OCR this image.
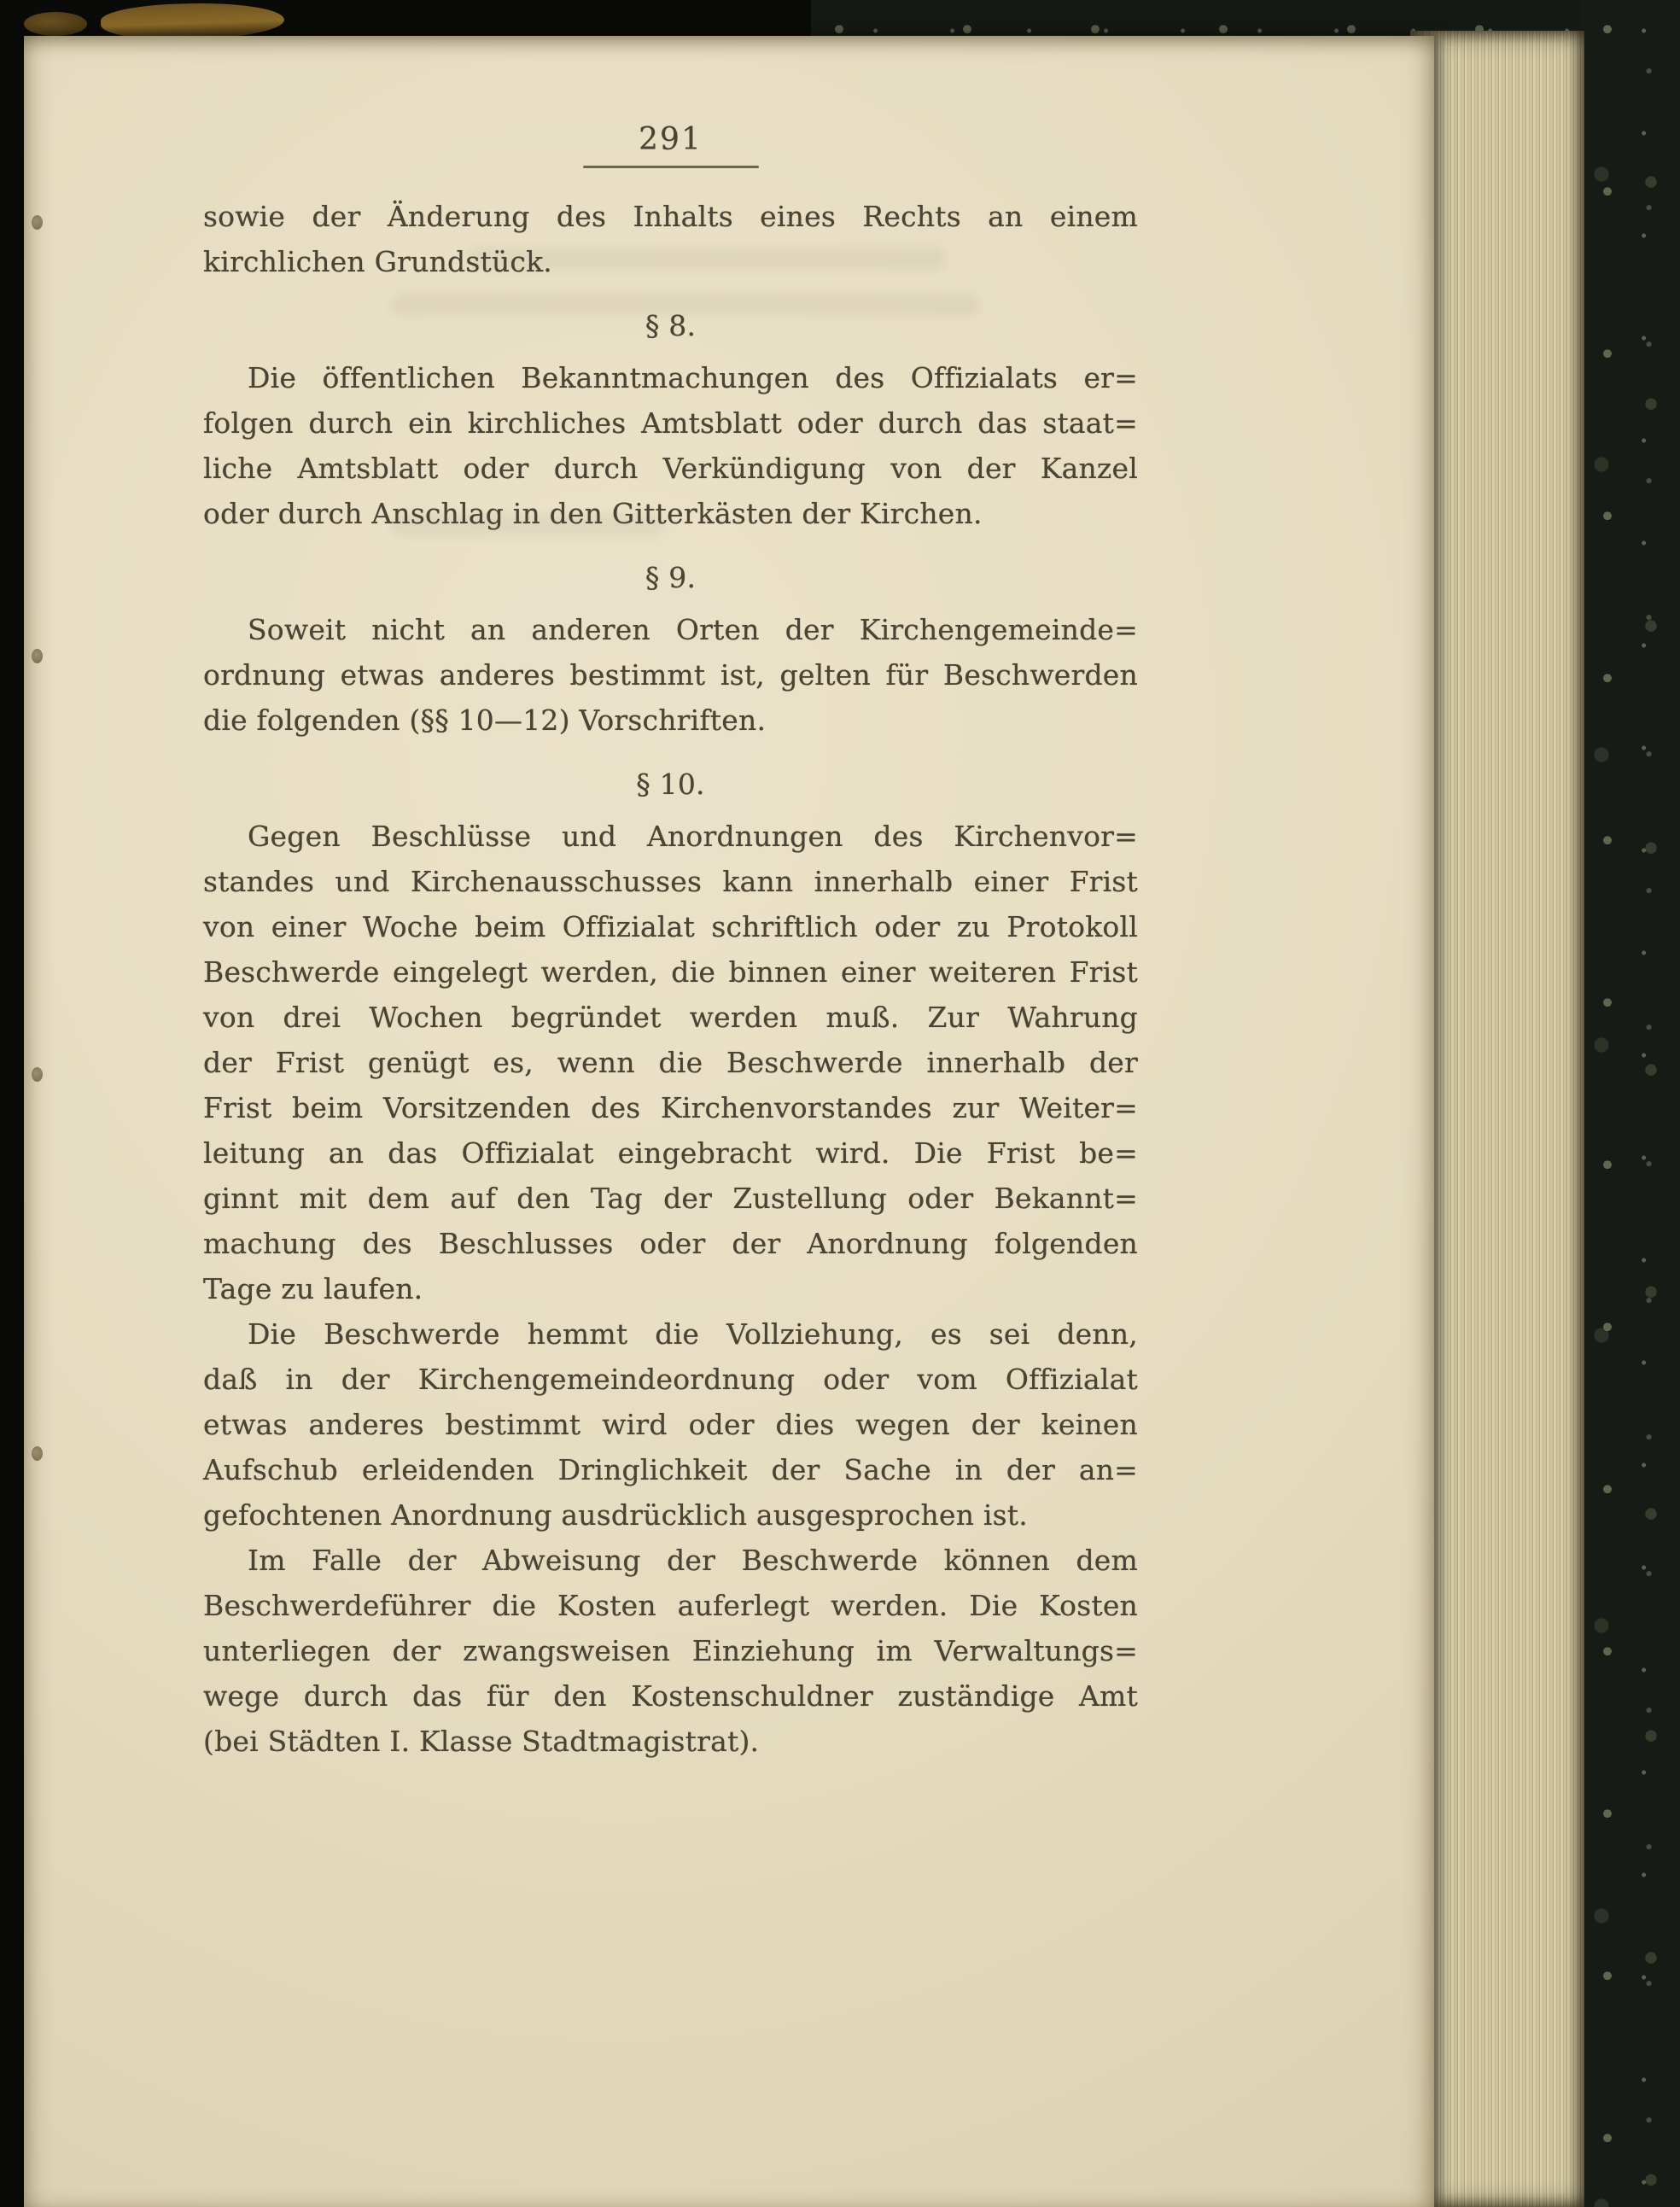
291
sowie der Änderung des Inhalts eines Rechts an einem
kirchlichen Grundstück.
§ 8.
Die öffentlichen Bekanntmachungen des Offizialats er=
folgen durch ein kirchliches Amtsblatt oder durch das staat=
liche Amtsblatt oder durch Verkündigung von der Kanzel
oder durch Anschlag in den Gitterkästen der Kirchen.
§ 9.
Soweit nicht an anderen Orten der Kirchengemeinde=
ordnung etwas anderes bestimmt ist, gelten für Beschwerden
die folgenden (§§ 10—12) Vorschriften.
§ 10.
Gegen Beschlüsse und Anordnungen des Kirchenvor=
standes und Kirchenausschusses kann innerhalb einer Frist
von einer Woche beim Offizialat schriftlich oder zu Protokoll
Beschwerde eingelegt werden, die binnen einer weiteren Frist
von drei Wochen begründet werden muß. Zur Wahrung
der Frist genügt es, wenn die Beschwerde innerhalb der
Frist beim Vorsitzenden des Kirchenvorstandes zur Weiter=
leitung an das Offizialat eingebracht wird. Die Frist be=
ginnt mit dem auf den Tag der Zustellung oder Bekannt=
machung des Beschlusses oder der Anordnung folgenden
Tage zu laufen.
Die Beschwerde hemmt die Vollziehung, es sei denn,
daß in der Kirchengemeindeordnung oder vom Offizialat
etwas anderes bestimmt wird oder dies wegen der keinen
Aufschub erleidenden Dringlichkeit der Sache in der an=
gefochtenen Anordnung ausdrücklich ausgesprochen ist.
Im Falle der Abweisung der Beschwerde können dem
Beschwerdeführer die Kosten auferlegt werden. Die Kosten
unterliegen der zwangsweisen Einziehung im Verwaltungs=
wege durch das für den Kostenschuldner zuständige Amt
(bei Städten I. Klasse Stadtmagistrat).
